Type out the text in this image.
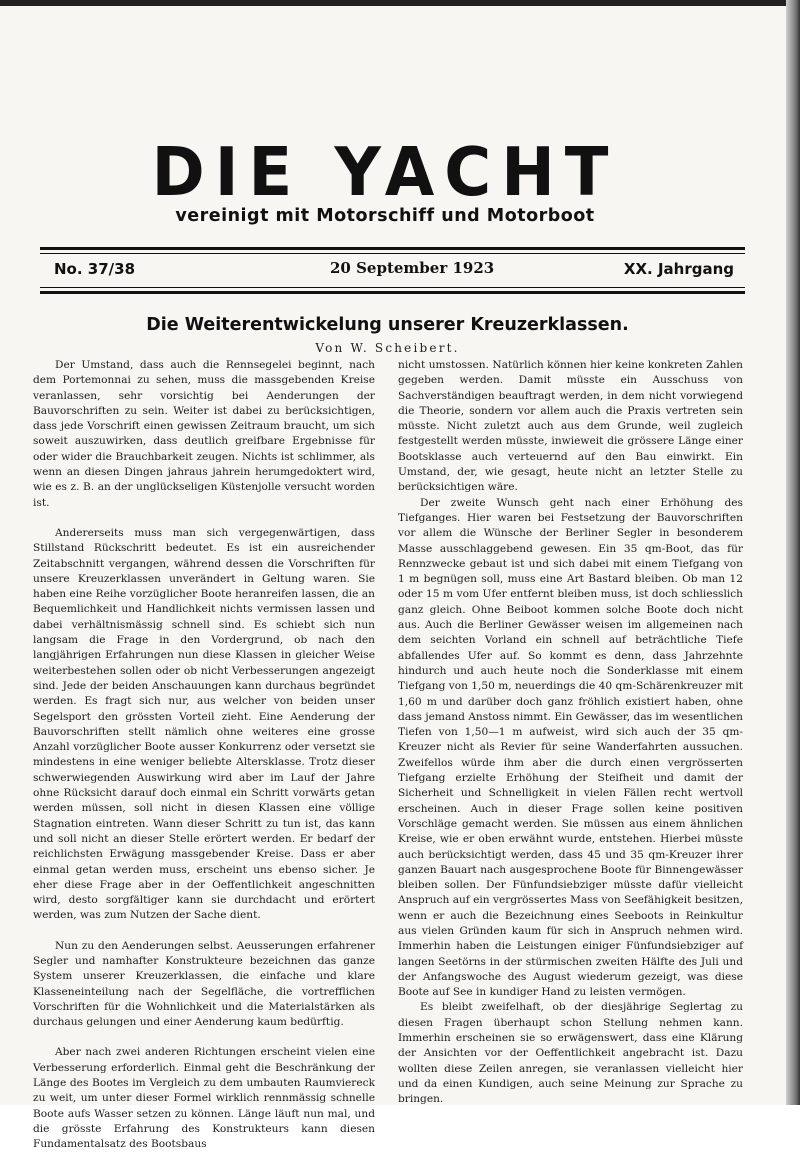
DIE YACHT
vereinigt mit Motorschiff und Motorboot
No. 37/38	20 September 1923	XX. Jahrgang
Die Weiterentwickelung unserer Kreuzerklassen.
Von W. Scheibert.

Der Umstand, dass auch die Rennsegelei beginnt, nach dem Portemonnai zu sehen, muss die massgebenden Kreise veranlassen, sehr vorsichtig bei Aenderungen der Bauvorschriften zu sein. Weiter ist dabei zu berücksichtigen, dass jede Vorschrift einen gewissen Zeitraum braucht, um sich soweit auszuwirken, dass deutlich greifbare Ergebnisse für oder wider die Brauchbarkeit zeugen. Nichts ist schlimmer, als wenn an diesen Dingen jahraus jahrein herumgedoktert wird, wie es z. B. an der unglückseligen Küstenjolle versucht worden ist.

Andererseits muss man sich vergegenwärtigen, dass Stillstand Rückschritt bedeutet. Es ist ein ausreichender Zeitabschnitt vergangen, während dessen die Vorschriften für unsere Kreuzerklassen unverändert in Geltung waren. Sie haben eine Reihe vorzüglicher Boote heranreifen lassen, die an Bequemlichkeit und Handlichkeit nichts vermissen lassen und dabei verhältnismässig schnell sind. Es schiebt sich nun langsam die Frage in den Vordergrund, ob nach den langjährigen Erfahrungen nun diese Klassen in gleicher Weise weiterbestehen sollen oder ob nicht Verbesserungen angezeigt sind. Jede der beiden Anschauungen kann durchaus begründet werden. Es fragt sich nur, aus welcher von beiden unser Segelsport den grössten Vorteil zieht. Eine Aenderung der Bauvorschriften stellt nämlich ohne weiteres eine grosse Anzahl vorzüglicher Boote ausser Konkurrenz oder versetzt sie mindestens in eine weniger beliebte Altersklasse. Trotz dieser schwerwiegenden Auswirkung wird aber im Lauf der Jahre ohne Rücksicht darauf doch einmal ein Schritt vorwärts getan werden müssen, soll nicht in diesen Klassen eine völlige Stagnation eintreten. Wann dieser Schritt zu tun ist, das kann und soll nicht an dieser Stelle erörtert werden. Er bedarf der reichlichsten Erwägung massgebender Kreise. Dass er aber einmal getan werden muss, erscheint uns ebenso sicher. Je eher diese Frage aber in der Oeffentlichkeit angeschnitten wird, desto sorgfältiger kann sie durchdacht und erörtert werden, was zum Nutzen der Sache dient.

Nun zu den Aenderungen selbst. Aeusserungen erfahrener Segler und namhafter Konstrukteure bezeichnen das ganze System unserer Kreuzerklassen, die einfache und klare Klasseneinteilung nach der Segelfläche, die vortrefflichen Vorschriften für die Wohnlichkeit und die Materialstärken als durchaus gelungen und einer Aenderung kaum bedürftig.

Aber nach zwei anderen Richtungen erscheint vielen eine Verbesserung erforderlich. Einmal geht die Beschränkung der Länge des Bootes im Vergleich zu dem umbauten Raumviereck zu weit, um unter dieser Formel wirklich rennmässig schnelle Boote aufs Wasser setzen zu können. Länge läuft nun mal, und die grösste Erfahrung des Konstrukteurs kann diesen Fundamentalsatz des Bootsbaus

nicht umstossen. Natürlich können hier keine konkreten Zahlen gegeben werden. Damit müsste ein Ausschuss von Sachverständigen beauftragt werden, in dem nicht vorwiegend die Theorie, sondern vor allem auch die Praxis vertreten sein müsste. Nicht zuletzt auch aus dem Grunde, weil zugleich festgestellt werden müsste, inwieweit die grössere Länge einer Bootsklasse auch verteuernd auf den Bau einwirkt. Ein Umstand, der, wie gesagt, heute nicht an letzter Stelle zu berücksichtigen wäre.

Der zweite Wunsch geht nach einer Erhöhung des Tiefganges. Hier waren bei Festsetzung der Bauvorschriften vor allem die Wünsche der Berliner Segler in besonderem Masse ausschlaggebend gewesen. Ein 35 qm-Boot, das für Rennzwecke gebaut ist und sich dabei mit einem Tiefgang von 1 m begnügen soll, muss eine Art Bastard bleiben. Ob man 12 oder 15 m vom Ufer entfernt bleiben muss, ist doch schliesslich ganz gleich. Ohne Beiboot kommen solche Boote doch nicht aus. Auch die Berliner Gewässer weisen im allgemeinen nach dem seichten Vorland ein schnell auf beträchtliche Tiefe abfallendes Ufer auf. So kommt es denn, dass Jahrzehnte hindurch und auch heute noch die Sonderklasse mit einem Tiefgang von 1,50 m, neuerdings die 40 qm-Schärenkreuzer mit 1,60 m und darüber doch ganz fröhlich existiert haben, ohne dass jemand Anstoss nimmt. Ein Gewässer, das im wesentlichen Tiefen von 1,50—1 m aufweist, wird sich auch der 35 qm-Kreuzer nicht als Revier für seine Wanderfahrten aussuchen. Zweifellos würde ihm aber die durch einen vergrösserten Tiefgang erzielte Erhöhung der Steifheit und damit der Sicherheit und Schnelligkeit in vielen Fällen recht wertvoll erscheinen. Auch in dieser Frage sollen keine positiven Vorschläge gemacht werden. Sie müssen aus einem ähnlichen Kreise, wie er oben erwähnt wurde, entstehen. Hierbei müsste auch berücksichtigt werden, dass 45 und 35 qm-Kreuzer ihrer ganzen Bauart nach ausgesprochene Boote für Binnengewässer bleiben sollen. Der Fünfundsiebziger müsste dafür vielleicht Anspruch auf ein vergrössertes Mass von Seefähigkeit besitzen, wenn er auch die Bezeichnung eines Seeboots in Reinkultur aus vielen Gründen kaum für sich in Anspruch nehmen wird. Immerhin haben die Leistungen einiger Fünfundsiebziger auf langen Seetörns in der stürmischen zweiten Hälfte des Juli und der Anfangswoche des August wiederum gezeigt, was diese Boote auf See in kundiger Hand zu leisten vermögen.

Es bleibt zweifelhaft, ob der diesjährige Seglertag zu diesen Fragen überhaupt schon Stellung nehmen kann. Immerhin erscheinen sie so erwägenswert, dass eine Klärung der Ansichten vor der Oeffentlichkeit angebracht ist. Dazu wollten diese Zeilen anregen, sie veranlassen vielleicht hier und da einen Kundigen, auch seine Meinung zur Sprache zu bringen.
